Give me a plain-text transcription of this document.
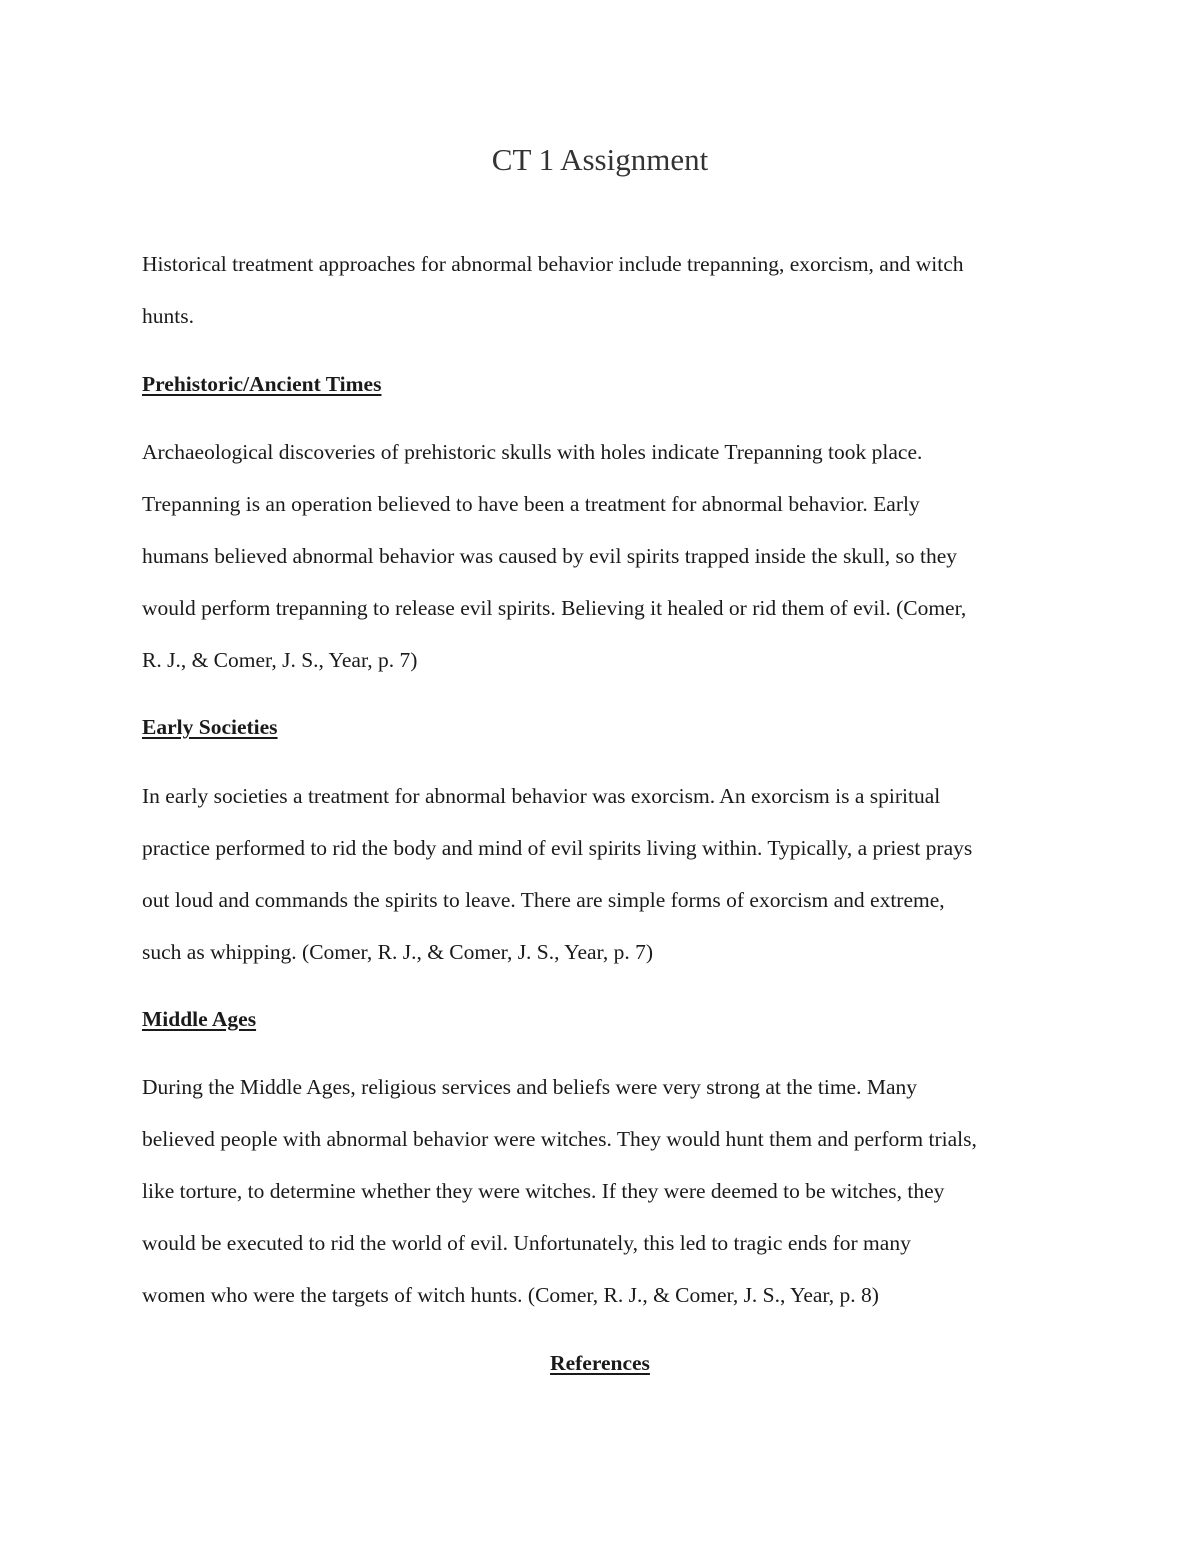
CT 1 Assignment

Historical treatment approaches for abnormal behavior include trepanning, exorcism, and witch
hunts.

Prehistoric/Ancient Times

Archaeological discoveries of prehistoric skulls with holes indicate Trepanning took place.
Trepanning is an operation believed to have been a treatment for abnormal behavior. Early
humans believed abnormal behavior was caused by evil spirits trapped inside the skull, so they
would perform trepanning to release evil spirits. Believing it healed or rid them of evil. (Comer,
R. J., & Comer, J. S., Year, p. 7)

Early Societies

In early societies a treatment for abnormal behavior was exorcism. An exorcism is a spiritual
practice performed to rid the body and mind of evil spirits living within. Typically, a priest prays
out loud and commands the spirits to leave. There are simple forms of exorcism and extreme,
such as whipping. (Comer, R. J., & Comer, J. S., Year, p. 7)

Middle Ages

During the Middle Ages, religious services and beliefs were very strong at the time. Many
believed people with abnormal behavior were witches. They would hunt them and perform trials,
like torture, to determine whether they were witches. If they were deemed to be witches, they
would be executed to rid the world of evil. Unfortunately, this led to tragic ends for many
women who were the targets of witch hunts. (Comer, R. J., & Comer, J. S., Year, p. 8)

References
